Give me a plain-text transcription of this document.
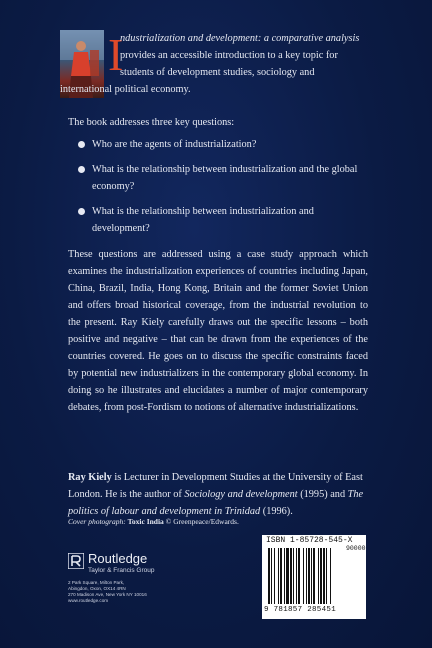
I
ndustrialization and development: a comparative analysis
provides an accessible introduction to a key topic for
students of development studies, sociology and
international political economy.
The book addresses three key questions:
Who are the agents of industrialization?
What is the relationship between industrialization and the global economy?
What is the relationship between industrialization and development?
These questions are addressed using a case study approach which examines the industrialization experiences of countries including Japan, China, Brazil, India, Hong Kong, Britain and the former Soviet Union and offers broad historical coverage, from the industrial revolution to the present. Ray Kiely carefully draws out the specific lessons – both positive and negative – that can be drawn from the experiences of the countries covered. He goes on to discuss the specific constraints faced by potential new industrializers in the contemporary global economy. In doing so he illustrates and elucidates a number of major contemporary debates, from post-Fordism to notions of alternative industrializations.
Ray Kiely is Lecturer in Development Studies at the University of East London. He is the author of Sociology and development (1995) and The politics of labour and development in Trinidad (1996).
Cover photograph: Toxic India © Greenpeace/Edwards.
Routledge
Taylor & Francis Group
2 Park Square, Milton Park,
Abingdon, Oxon, OX14 4RN
270 Madison Ave, New York NY 10016
www.routledge.com
ISBN 1-85728-545-X
90000
9 781857 285451
